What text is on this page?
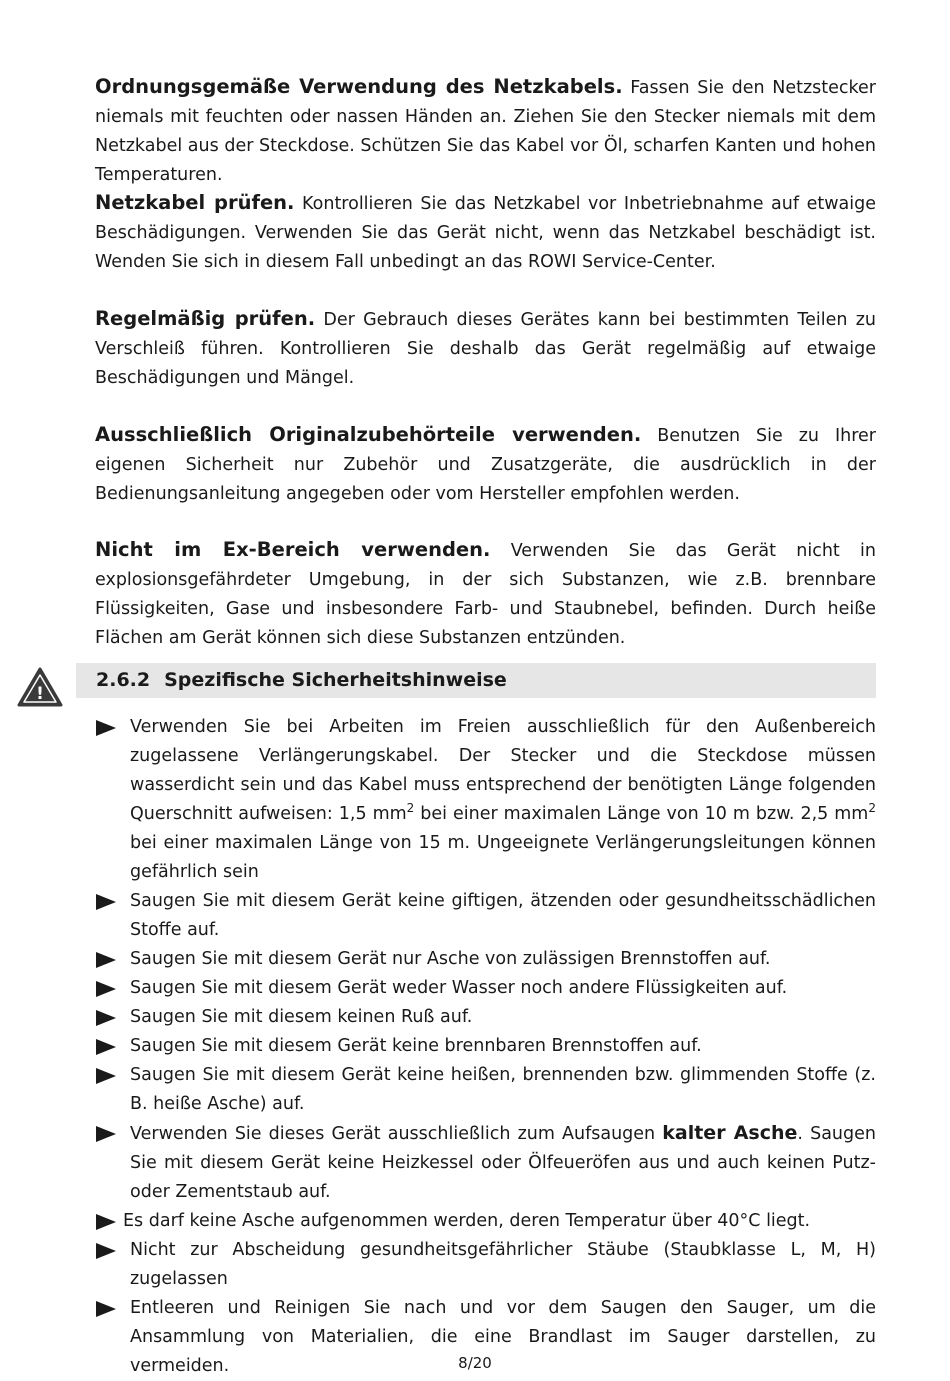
Ordnungsgemäße Verwendung des Netzkabels. Fassen Sie den Netzstecker niemals mit feuchten oder nassen Händen an. Ziehen Sie den Stecker niemals mit dem Netzkabel aus der Steckdose. Schützen Sie das Kabel vor Öl, scharfen Kanten und hohen Temperaturen.

Netzkabel prüfen. Kontrollieren Sie das Netzkabel vor Inbetriebnahme auf etwaige Beschädigungen. Verwenden Sie das Gerät nicht, wenn das Netzkabel beschädigt ist. Wenden Sie sich in diesem Fall unbedingt an das ROWI Service-Center.

Regelmäßig prüfen. Der Gebrauch dieses Gerätes kann bei bestimmten Teilen zu Verschleiß führen. Kontrollieren Sie deshalb das Gerät regelmäßig auf etwaige Beschädigungen und Mängel.

Ausschließlich Originalzubehörteile verwenden. Benutzen Sie zu Ihrer eigenen Sicherheit nur Zubehör und Zusatzgeräte, die ausdrücklich in der Bedienungsanleitung angegeben oder vom Hersteller empfohlen werden.

Nicht im Ex-Bereich verwenden. Verwenden Sie das Gerät nicht in explosionsgefährdeter Umgebung, in der sich Substanzen, wie z.B. brennbare Flüssigkeiten, Gase und insbesondere Farb- und Staubnebel, befinden. Durch heiße Flächen am Gerät können sich diese Substanzen entzünden.

!
2.6.2 Spezifische Sicherheitshinweise
Verwenden Sie bei Arbeiten im Freien ausschließlich für den Außenbereich zugelassene Verlängerungskabel. Der Stecker und die Steckdose müssen wasserdicht sein und das Kabel muss entsprechend der benötigten Länge folgenden Querschnitt aufweisen: 1,5 $mm^2$ bei einer maximalen Länge von 10 m bzw. 2,5 $mm^2$ bei einer maximalen Länge von 15 m. Ungeeignete Verlängerungsleitungen können gefährlich sein
Saugen Sie mit diesem Gerät keine giftigen, ätzenden oder gesundheitsschädlichen Stoffe auf.
Saugen Sie mit diesem Gerät nur Asche von zulässigen Brennstoffen auf.
Saugen Sie mit diesem Gerät weder Wasser noch andere Flüssigkeiten auf.
Saugen Sie mit diesem keinen Ruß auf.
Saugen Sie mit diesem Gerät keine brennbaren Brennstoffen auf.
Saugen Sie mit diesem Gerät keine heißen, brennenden bzw. glimmenden Stoffe (z. B. heiße Asche) auf.
Verwenden Sie dieses Gerät ausschließlich zum Aufsaugen kalter Asche. Saugen Sie mit diesem Gerät keine Heizkessel oder Ölfeueröfen aus und auch keinen Putz- oder Zementstaub auf.
Es darf keine Asche aufgenommen werden, deren Temperatur über 40°C liegt.
Nicht zur Abscheidung gesundheitsgefährlicher Stäube (Staubklasse L, M, H) zugelassen
Entleeren und Reinigen Sie nach und vor dem Saugen den Sauger, um die Ansammlung von Materialien, die eine Brandlast im Sauger darstellen, zu vermeiden.	8/20
